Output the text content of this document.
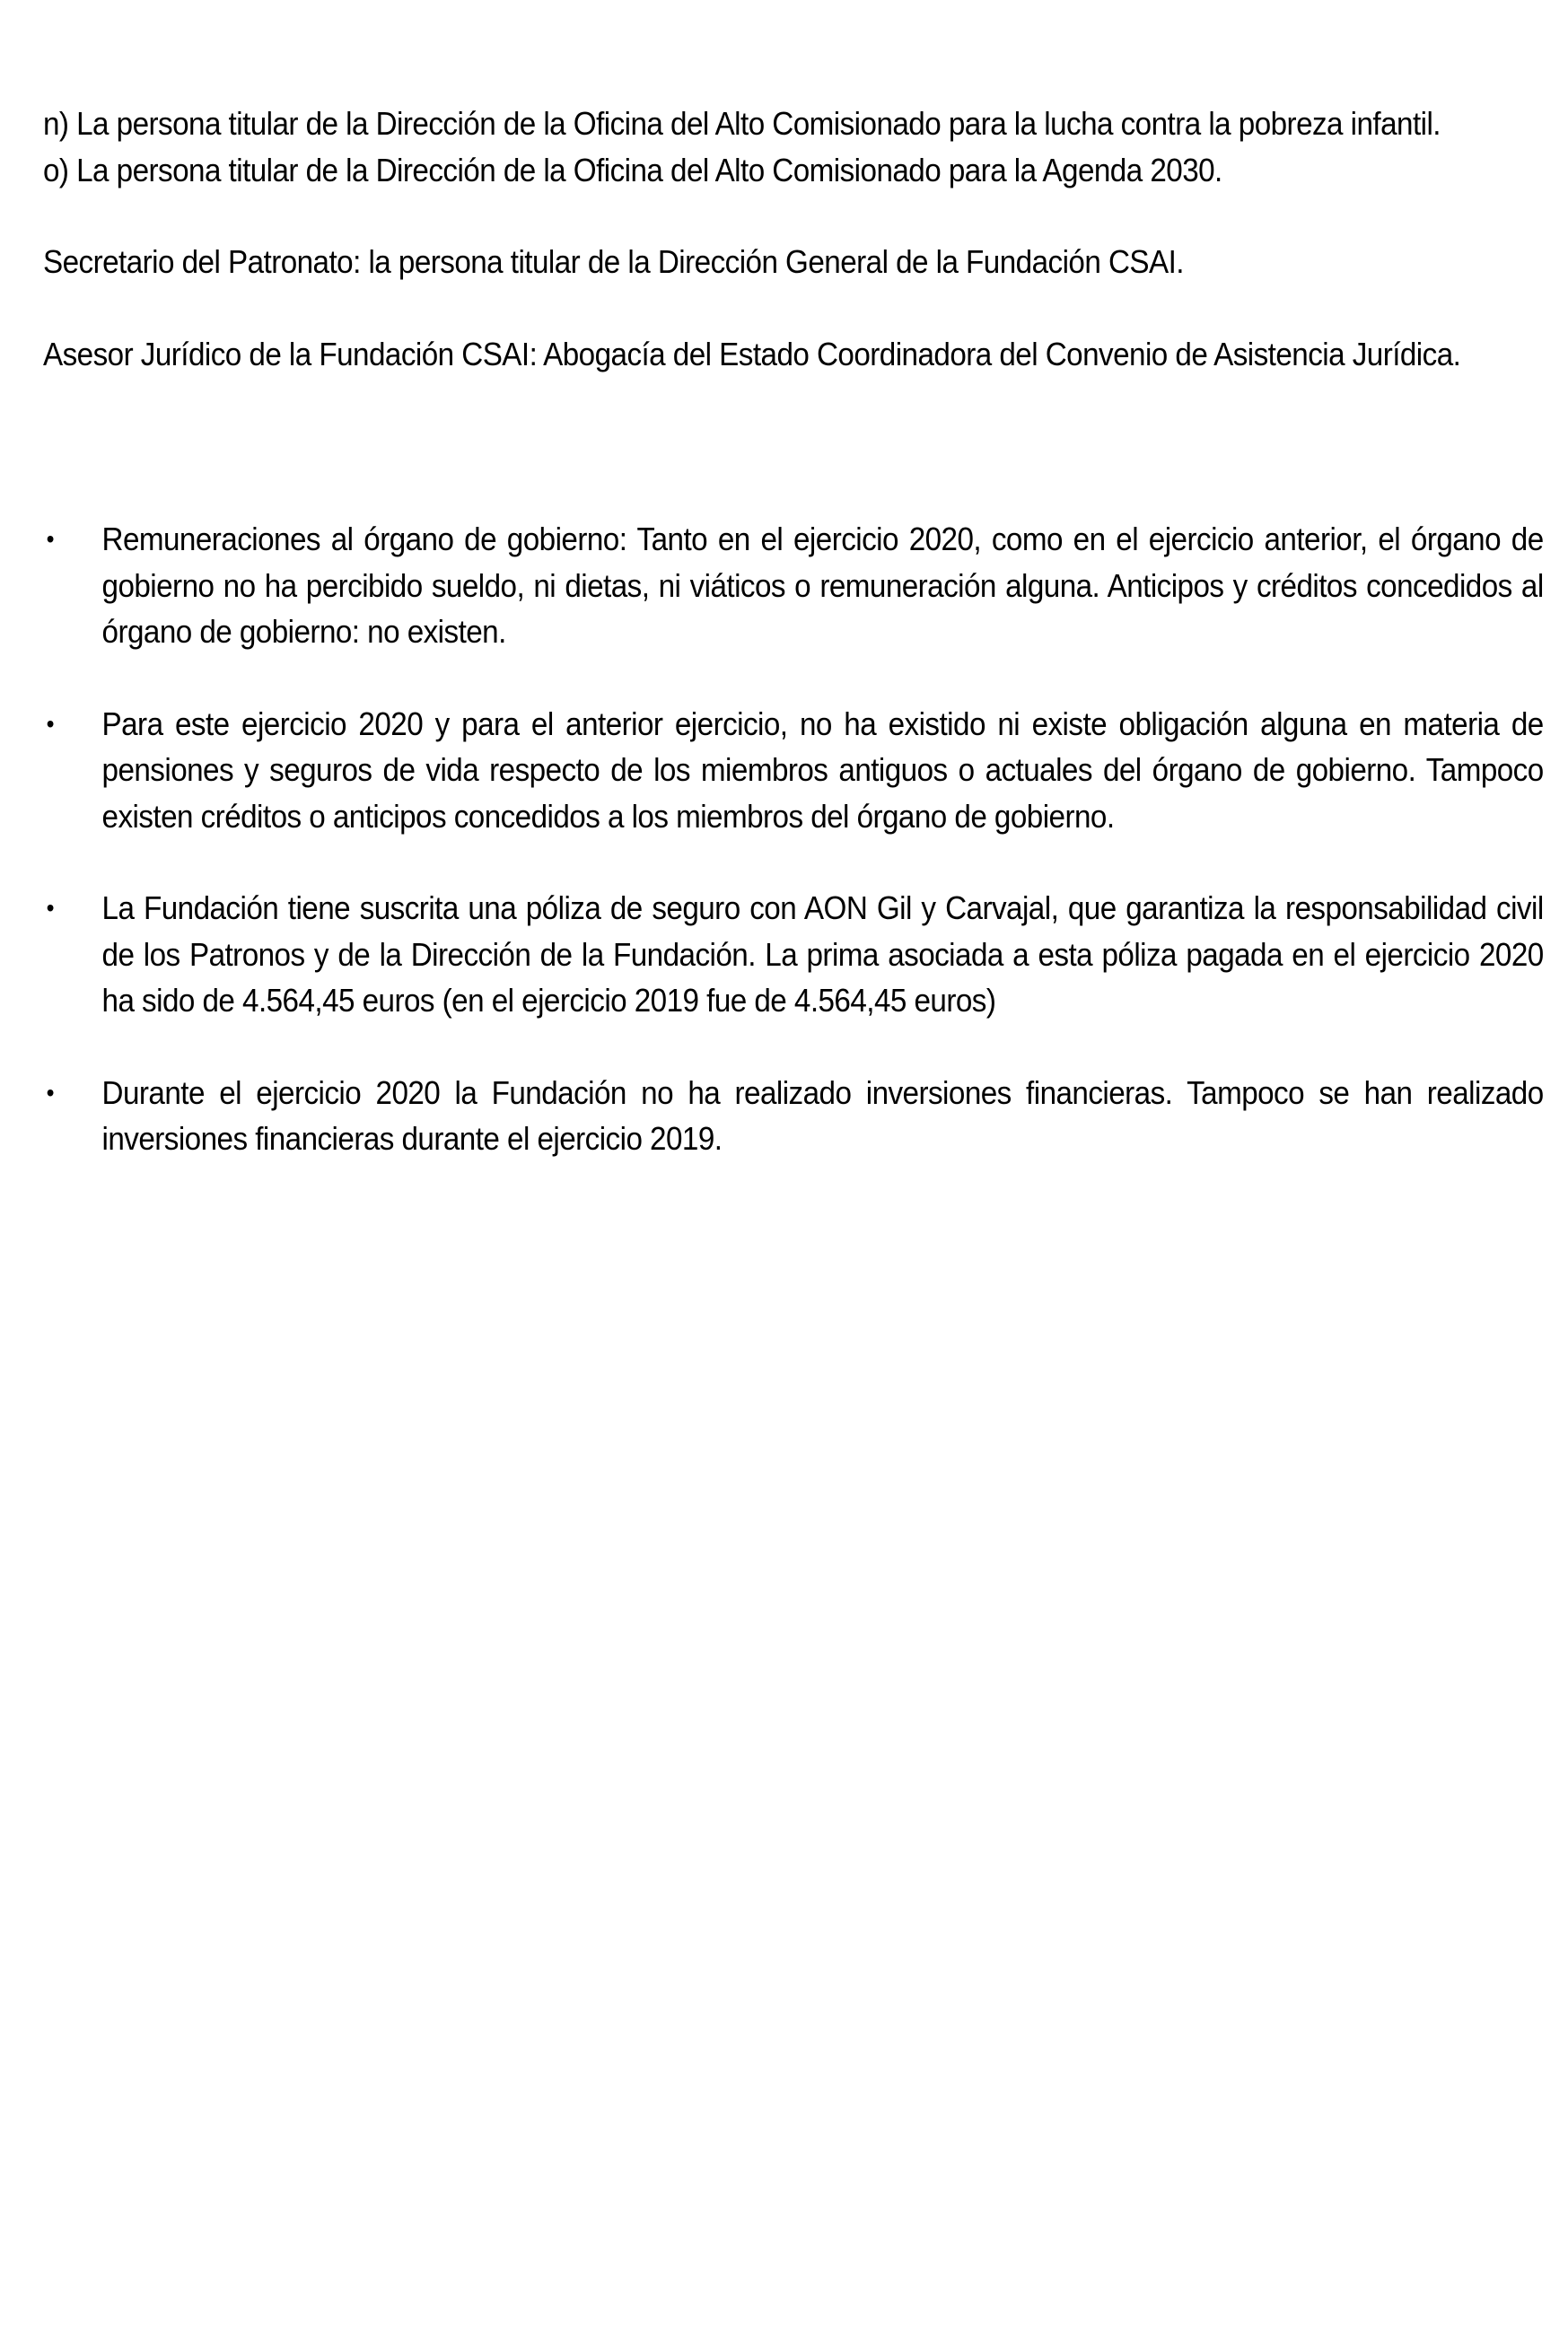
n) La persona titular de la Dirección de la Oficina del Alto Comisionado para la lucha contra la pobreza infantil.

o) La persona titular de la Dirección de la Oficina del Alto Comisionado para la Agenda 2030.

Secretario del Patronato: la persona titular de la Dirección General de la Fundación CSAI.

Asesor Jurídico de la Fundación CSAI: Abogacía del Estado Coordinadora del Convenio de Asistencia Jurídica.

•	Remuneraciones al órgano de gobierno: Tanto en el ejercicio 2020, como en el ejercicio anterior, el órgano de gobierno no ha percibido sueldo, ni dietas, ni viáticos o remuneración alguna. Anticipos y créditos concedidos al órgano de gobierno: no existen.
•	Para este ejercicio 2020 y para el anterior ejercicio, no ha existido ni existe obligación alguna en materia de pensiones y seguros de vida respecto de los miembros antiguos o actuales del órgano de gobierno. Tampoco existen créditos o anticipos concedidos a los miembros del órgano de gobierno.
•	La Fundación tiene suscrita una póliza de seguro con AON Gil y Carvajal, que garantiza la responsabilidad civil de los Patronos y de la Dirección de la Fundación. La prima asociada a esta póliza pagada en el ejercicio 2020 ha sido de 4.564,45 euros (en el ejercicio 2019 fue de 4.564,45 euros)
•	Durante el ejercicio 2020 la Fundación no ha realizado inversiones financieras. Tampoco se han realizado inversiones financieras durante el ejercicio 2019.
